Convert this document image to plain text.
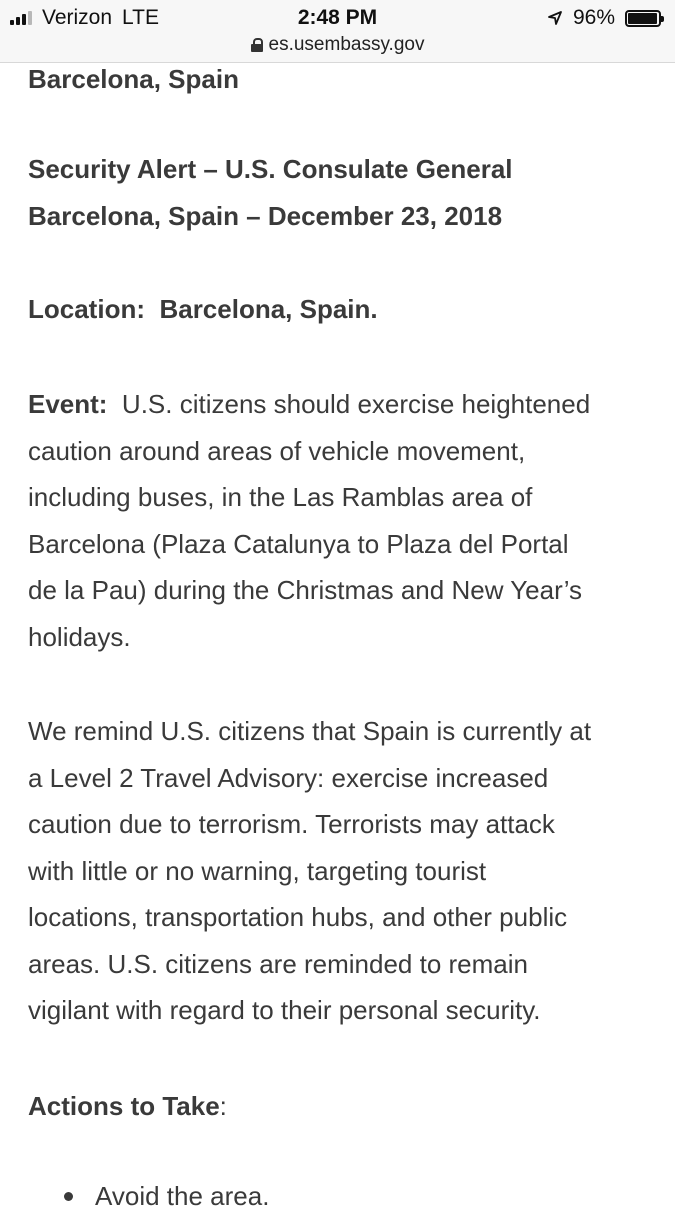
Barcelona, Spain

Security Alert – U.S. Consulate General

Barcelona, Spain – December 23, 2018

Location: Barcelona, Spain.

Event: U.S. citizens should exercise heightened

caution around areas of vehicle movement,

including buses, in the Las Ramblas area of

Barcelona (Plaza Catalunya to Plaza del Portal

de la Pau) during the Christmas and New Year’s

holidays.

We remind U.S. citizens that Spain is currently at

a Level 2 Travel Advisory: exercise increased

caution due to terrorism. Terrorists may attack

with little or no warning, targeting tourist

locations, transportation hubs, and other public

areas. U.S. citizens are reminded to remain

vigilant with regard to their personal security.

Actions to Take:

Avoid the area.
Verizon LTE	2:48 PM	96%
es.usembassy.gov
